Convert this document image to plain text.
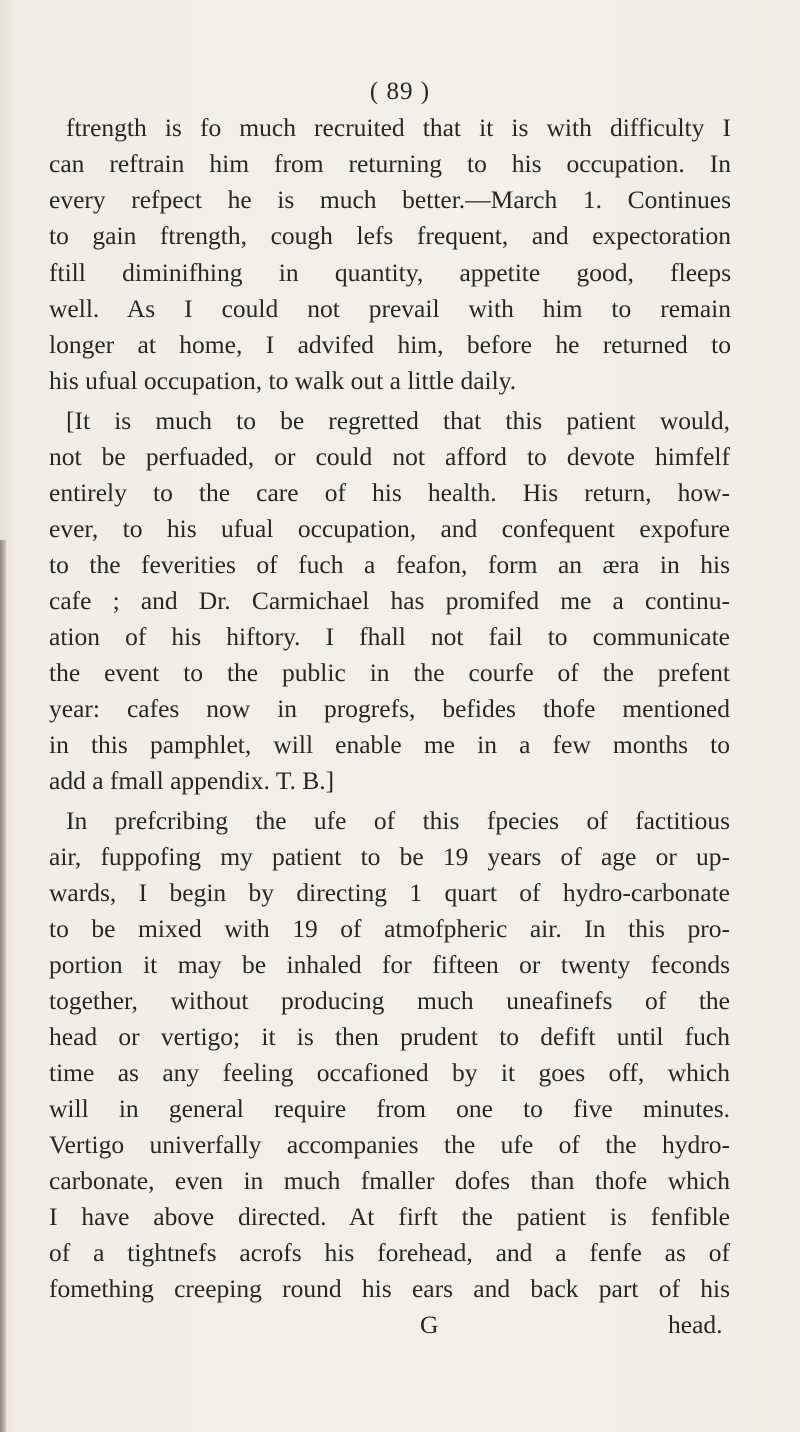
( 89 )
ftrength is fo much recruited that it is with difficulty I
can reftrain him from returning to his occupation. In
every refpect he is much better.—March 1. Continues
to gain ftrength, cough lefs frequent, and expectoration
ftill diminifhing in quantity, appetite good, fleeps
well. As I could not prevail with him to remain
longer at home, I advifed him, before he returned to
his ufual occupation, to walk out a little daily.
[It is much to be regretted that this patient would,
not be perfuaded, or could not afford to devote himfelf
entirely to the care of his health. His return, how-
ever, to his ufual occupation, and confequent expofure
to the feverities of fuch a feafon, form an æra in his
cafe ; and Dr. Carmichael has promifed me a continu-
ation of his hiftory. I fhall not fail to communicate
the event to the public in the courfe of the prefent
year: cafes now in progrefs, befides thofe mentioned
in this pamphlet, will enable me in a few months to
add a fmall appendix. T. B.]
In prefcribing the ufe of this fpecies of factitious
air, fuppofing my patient to be 19 years of age or up-
wards, I begin by directing 1 quart of hydro-carbonate
to be mixed with 19 of atmofpheric air. In this pro-
portion it may be inhaled for fifteen or twenty feconds
together, without producing much uneafinefs of the
head or vertigo; it is then prudent to defift until fuch
time as any feeling occafioned by it goes off, which
will in general require from one to five minutes.
Vertigo univerfally accompanies the ufe of the hydro-
carbonate, even in much fmaller dofes than thofe which
I have above directed. At firft the patient is fenfible
of a tightnefs acrofs his forehead, and a fenfe as of
fomething creeping round his ears and back part of his
G	head.
